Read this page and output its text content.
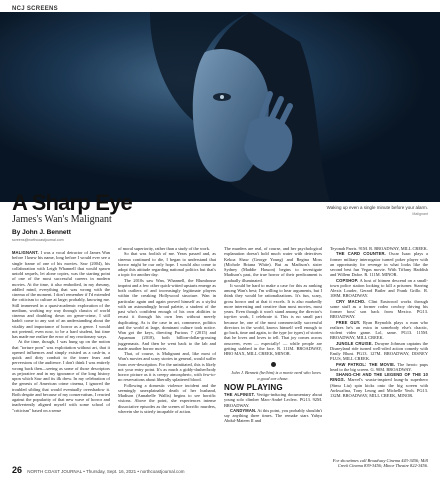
NCJ SCREENS
Waking up even a single minute before your alarm.
Malignant
A Sharp Eye
James's Wan's Malignant
By John J. Bennett
screens@northcoastjournal.com

MALIGNANT. I was a vocal detractor of James Wan before I knew his name, long before I would ever see a single frame of one of his movies. Saw (2004), his collaboration with Leigh Whannell that would spawn untold sequels, let alone copies, was the starting point of one of the most successful careers in modern movies. At the time, it also embodied, in my rheumy, addled mind, everything that was wrong with the cinema of the moment. I don't remember if I'd extended the criticism to culture at large; probably, knowing me. Still immersed in a quasi-academic exploration of the medium, working my way through classics of world cinema and doubling down on genre-crime, I still hadn't come to any sort of an understanding about the vitality and importance of horror as a genre. I would not pretend, even now, to be a hard student, but time has made me realize the error of my reactionary ways.

At the time, though, I was hung up on the notion that "torture porn" was exploitation without art, that it opened influences and simply existed as a cash-in, a quick and dirty conduit to the inner fears and perversions of the audience. I don't think I was entirely wrong back then—seeing as some of those descriptors as pejorative and in my ignorance of the long history upon which Saw and its ilk drew. In my celebration of the genesis of American crime cinema, I ignored the troubled sibling that would eventually overshadow it. Both despite and because of my conservatism, I reacted against the popularity of that new wave of horror and inadvertently aligned myself with some school of "criticism" based on a sense

of moral superiority, rather than a study of the work.

So that was foolish of me. Years passed and, as cinema continued to die, I began to understand that horror might be our only hope. I would also come to adopt this attitude regarding national politics but that's a topic for another day.

The 2010s saw Wan, Whannell, the Blumhouse imprint and a few other quick-witted upstarts emerge as both outliers of and increasingly legitimate players within the creaking Hollywood structure. Wan in particular again and again proved himself as a stylist with an astoundingly broad palette, a student of the past who's confident enough of his own abilities to recast it through his own lens without merely duplicating. As is the case in art, commerce, politics and the world at large, dominant culture took notice. Wan got the keys, directing Furious 7 (2015) and Aquaman (2018), both billion-dollar-grossing juggernauts. And then he went back to the lab and made another horror movie.

That, of course, is Malignant and, like most of Wan's movies and scary stories in general, would suffer from over-description. For the uninitiated, this is likely not your entry point. It's as much a giddy-dasher/body horror picture as it is creepy atmospheric, with few-to-no reservations about liberally splattered blood.

Following a domestic violence incident and the seemingly unexplainable death of her husband, Madison (Annabelle Wallis) begins to see horrific visions. Above the point, she experiences intense dissociative episodes as the scenes of horrific murders, wherein she is utterly incapable of action.

The murders are real, of course, and her psychological explanation doesn't hold much water with detectives Kekoa Shaw (George Young) and Regina Moss (Michole Briana White). But as Madison's sister Sydney (Maddie Hasson) begins to investigate Madison's past, the true horror of their predicament is gradually illuminated.

It would be hard to make a case for this as ranking among Wan's best; I'm willing to hear arguments, but I think they would be rationalizations. It's fun, scary, gross horror and at that it excels. It is also markedly more interesting and creative than most movies, most years. Even though it won't stand among the director's top-tier work, I celebrate it. This is no small part because he, one of the most commercially successful directors in the world, knows himself well enough to go back, time and again, to the type (or types) of stories that he loves and loves to tell. That joy comes across onscreen, even — especially! — while people are getting stabbed in the face. R. 111M. BROADWAY, HBO MAX, MILL CREEK, MINOR.

John J. Bennett (he/him) is a movie nerd who loves a good car chase.

NOW PLAYING

THE ALPINIST. Vertigo-inducing documentary about young solo climber Marc-André Leclerc. PG13. 92M. BROADWAY.

CANDYMAN. At this point, you probably shouldn't say anything three times. The remake stars Yahya Abdul-Mateen II and

Teyonah Parris. 91M. R. BROADWAY, MILL CREEK.

THE CARD COUNTER. Oscar Isaac plays a former military interrogator turned poker player with an opportunity for revenge in what looks like the second best fun Vegas movie. With Tiffany Haddish and Willem Dafoe. R. 111M. MINOR.

COPSHOP. A host of hitmen descend on a small-town police station looking to kill a prisoner. Starring Alexis Louder, Gerard Butler and Frank Grillo. R. 108M. BROADWAY.

CRY MACHO. Clint Eastwood works through some stuff as a former rodeo cowboy driving his former boss' son back from Mexico. PG13. BROADWAY.

FREE GUY. Ryan Reynolds plays a man who realizes he's an extra in somebody else's chaotic, violent video game. Lol, same. PG13. 115M. BROADWAY, MILL CREEK.

JUNGLE CRUISE. Dwayne Johnson captains the Disneyland ride turned well-oiled action comedy with Emily Blunt. PG13. 127M. BROADWAY, DISNEY PLUS, MILL CREEK.

PAW PATROL: THE MOVIE. The heroic pups head to the big screen. G. 90M. BROADWAY.

SHANG-CHI AND THE LEGEND OF THE 10 RINGS. Marvel's wuxia-inspired kung-fu superhero (Simu Liu) spin kicks onto the big screen with Awkwafina, Tony Leung and Michelle Yeoh. PG13. 132M. BROADWAY, MILL CREEK, MINOR.

For showtimes call Broadway Cinema 443-3456; Mill Creek Cinema 839-3456; Minor Theatre 822-3456.
26 NORTH COAST JOURNAL • Thursday, Sept. 16, 2021 • northcoastjournal.com
